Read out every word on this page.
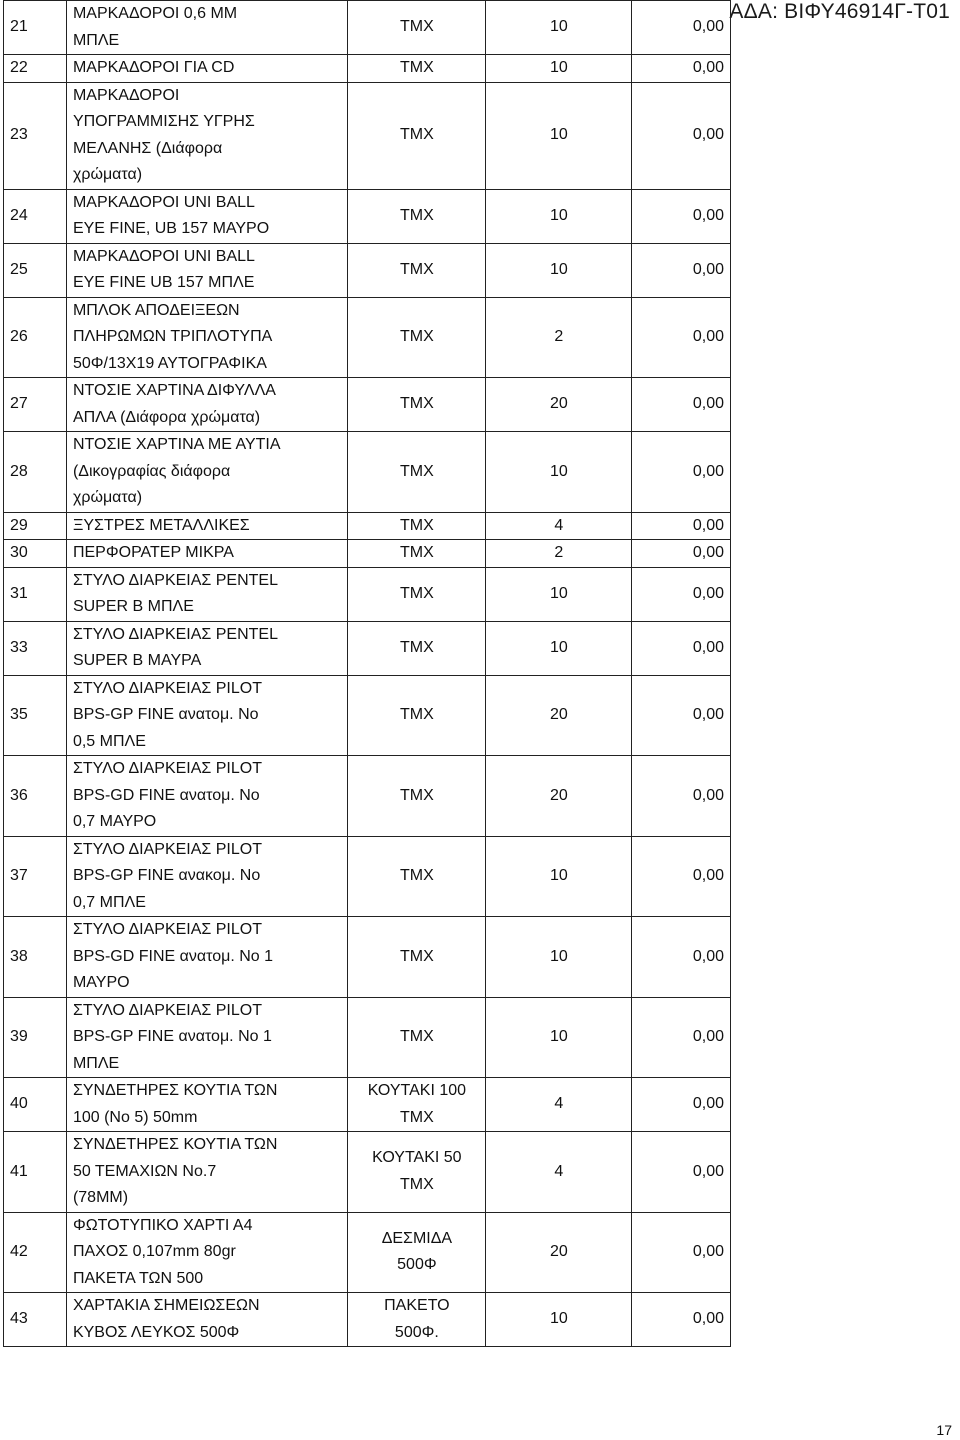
ΑΔΑ: ΒΙΦΥ46914Γ-Τ01
21	ΜΑΡΚΑΔΟΡΟΙ 0,6 ΜΜ
ΜΠΛΕ	ΤΜΧ	10	0,00
22	ΜΑΡΚΑΔΟΡΟΙ ΓΙΑ CD	ΤΜΧ	10	0,00
23	ΜΑΡΚΑΔΟΡΟΙ
ΥΠΟΓΡΑΜΜΙΣΗΣ ΥΓΡΗΣ
ΜΕΛΑΝΗΣ (Διάφορα
χρώματα)	ΤΜΧ	10	0,00
24	ΜΑΡΚΑΔΟΡΟΙ UNI BALL
EYE FINE, UB 157 ΜΑΥΡΟ	ΤΜΧ	10	0,00
25	ΜΑΡΚΑΔΟΡΟΙ UNI BALL
EYE FINE UB 157 ΜΠΛΕ	ΤΜΧ	10	0,00
26	ΜΠΛΟΚ ΑΠΟΔΕΙΞΕΩΝ
ΠΛΗΡΩΜΩΝ ΤΡΙΠΛΟΤΥΠΑ
50Φ/13Χ19 ΑΥΤΟΓΡΑΦΙΚΑ	ΤΜΧ	2	0,00
27	ΝΤΟΣΙΕ ΧΑΡΤΙΝΑ ΔΙΦΥΛΛΑ
ΑΠΛΑ (Διάφορα χρώματα)	ΤΜΧ	20	0,00
28	ΝΤΟΣΙΕ ΧΑΡΤΙΝΑ ΜΕ ΑΥΤΙΑ
(Δικογραφίας διάφορα
χρώματα)	ΤΜΧ	10	0,00
29	ΞΥΣΤΡΕΣ ΜΕΤΑΛΛΙΚΕΣ	ΤΜΧ	4	0,00
30	ΠΕΡΦΟΡΑΤΕΡ ΜΙΚΡΑ	ΤΜΧ	2	0,00
31	ΣΤΥΛΟ ΔΙΑΡΚΕΙΑΣ PENTEL
SUPER B ΜΠΛΕ	ΤΜΧ	10	0,00
33	ΣΤΥΛΟ ΔΙΑΡΚΕΙΑΣ PENTEL
SUPER B ΜΑΥΡΑ	ΤΜΧ	10	0,00
35	ΣΤΥΛΟ ΔΙΑΡΚΕΙΑΣ PILOT
BPS-GP FINE ανατομ. Νο
0,5 ΜΠΛΕ	ΤΜΧ	20	0,00
36	ΣΤΥΛΟ ΔΙΑΡΚΕΙΑΣ PILOT
BPS-GD FINE ανατομ. Νο
0,7 ΜΑΥΡΟ	ΤΜΧ	20	0,00
37	ΣΤΥΛΟ ΔΙΑΡΚΕΙΑΣ PILOT
BPS-GP FINE ανακομ. Νο
0,7 ΜΠΛΕ	ΤΜΧ	10	0,00
38	ΣΤΥΛΟ ΔΙΑΡΚΕΙΑΣ PILOT
BPS-GD FINE ανατομ. Νο 1
ΜΑΥΡΟ	ΤΜΧ	10	0,00
39	ΣΤΥΛΟ ΔΙΑΡΚΕΙΑΣ PILOT
BPS-GP FINE ανατομ. Νο 1
ΜΠΛΕ	ΤΜΧ	10	0,00
40	ΣΥΝΔΕΤΗΡΕΣ ΚΟΥΤΙΑ ΤΩΝ
100 (Νο 5) 50mm	ΚΟΥΤΑΚΙ 100
ΤΜΧ	4	0,00
41	ΣΥΝΔΕΤΗΡΕΣ ΚΟΥΤΙΑ ΤΩΝ
50 ΤΕΜΑΧΙΩΝ Νο.7
(78ΜΜ)	ΚΟΥΤΑΚΙ 50
ΤΜΧ	4	0,00
42	ΦΩΤΟΤΥΠΙΚΟ ΧΑΡΤΙ Α4
ΠΑΧΟΣ 0,107mm 80gr
ΠΑΚΕΤΑ ΤΩΝ 500	ΔΕΣΜΙΔΑ
500Φ	20	0,00
43	ΧΑΡΤΑΚΙΑ ΣΗΜΕΙΩΣΕΩΝ
ΚΥΒΟΣ ΛΕΥΚΟΣ 500Φ	ΠΑΚΕΤΟ
500Φ.	10	0,00
17
